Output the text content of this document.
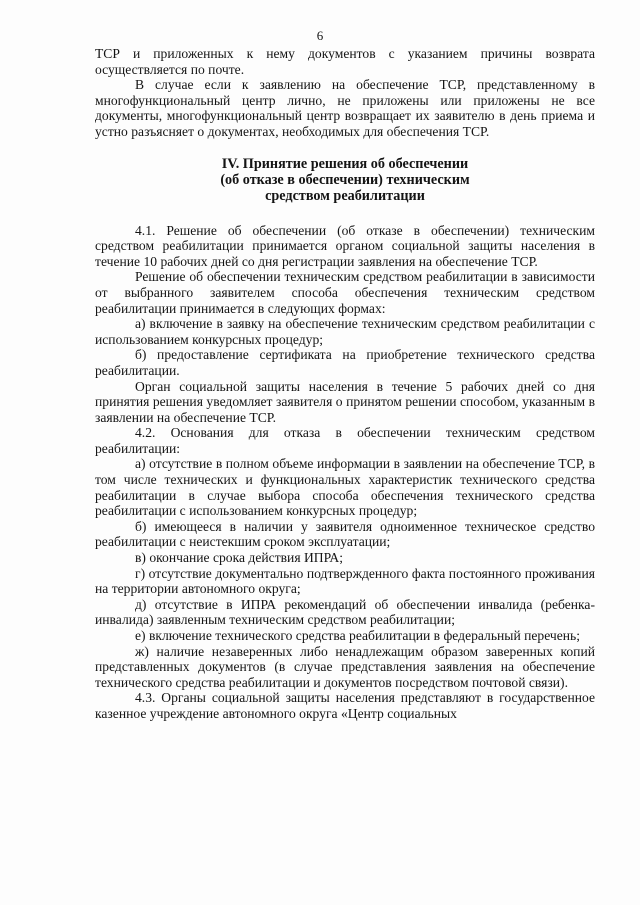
6

ТСР и приложенных к нему документов с указанием причины возврата осуществляется по почте.

В случае если к заявлению на обеспечение ТСР, представленному в многофункциональный центр лично, не приложены или приложены не все документы, многофункциональный центр возвращает их заявителю в день приема и устно разъясняет о документах, необходимых для обеспечения ТСР.

IV. Принятие решения об обеспечении
(об отказе в обеспечении) техническим
средством реабилитации

4.1. Решение об обеспечении (об отказе в обеспечении) техническим средством реабилитации принимается органом социальной защиты населения в течение 10 рабочих дней со дня регистрации заявления на обеспечение ТСР.

Решение об обеспечении техническим средством реабилитации в зависимости от выбранного заявителем способа обеспечения техническим средством реабилитации принимается в следующих формах:

а) включение в заявку на обеспечение техническим средством реабилитации с использованием конкурсных процедур;

б) предоставление сертификата на приобретение технического средства реабилитации.

Орган социальной защиты населения в течение 5 рабочих дней со дня принятия решения уведомляет заявителя о принятом решении способом, указанным в заявлении на обеспечение ТСР.

4.2. Основания для отказа в обеспечении техническим средством реабилитации:

а) отсутствие в полном объеме информации в заявлении на обеспечение ТСР, в том числе технических и функциональных характеристик технического средства реабилитации в случае выбора способа обеспечения технического средства реабилитации с использованием конкурсных процедур;

б) имеющееся в наличии у заявителя одноименное техническое средство реабилитации с неистекшим сроком эксплуатации;

в) окончание срока действия ИПРА;

г) отсутствие документально подтвержденного факта постоянного проживания на территории автономного округа;

д) отсутствие в ИПРА рекомендаций об обеспечении инвалида (ребенка-инвалида) заявленным техническим средством реабилитации;

е) включение технического средства реабилитации в федеральный перечень;

ж) наличие незаверенных либо ненадлежащим образом заверенных копий представленных документов (в случае представления заявления на обеспечение технического средства реабилитации и документов посредством почтовой связи).

4.3. Органы социальной защиты населения представляют в государственное казенное учреждение автономного округа «Центр социальных
